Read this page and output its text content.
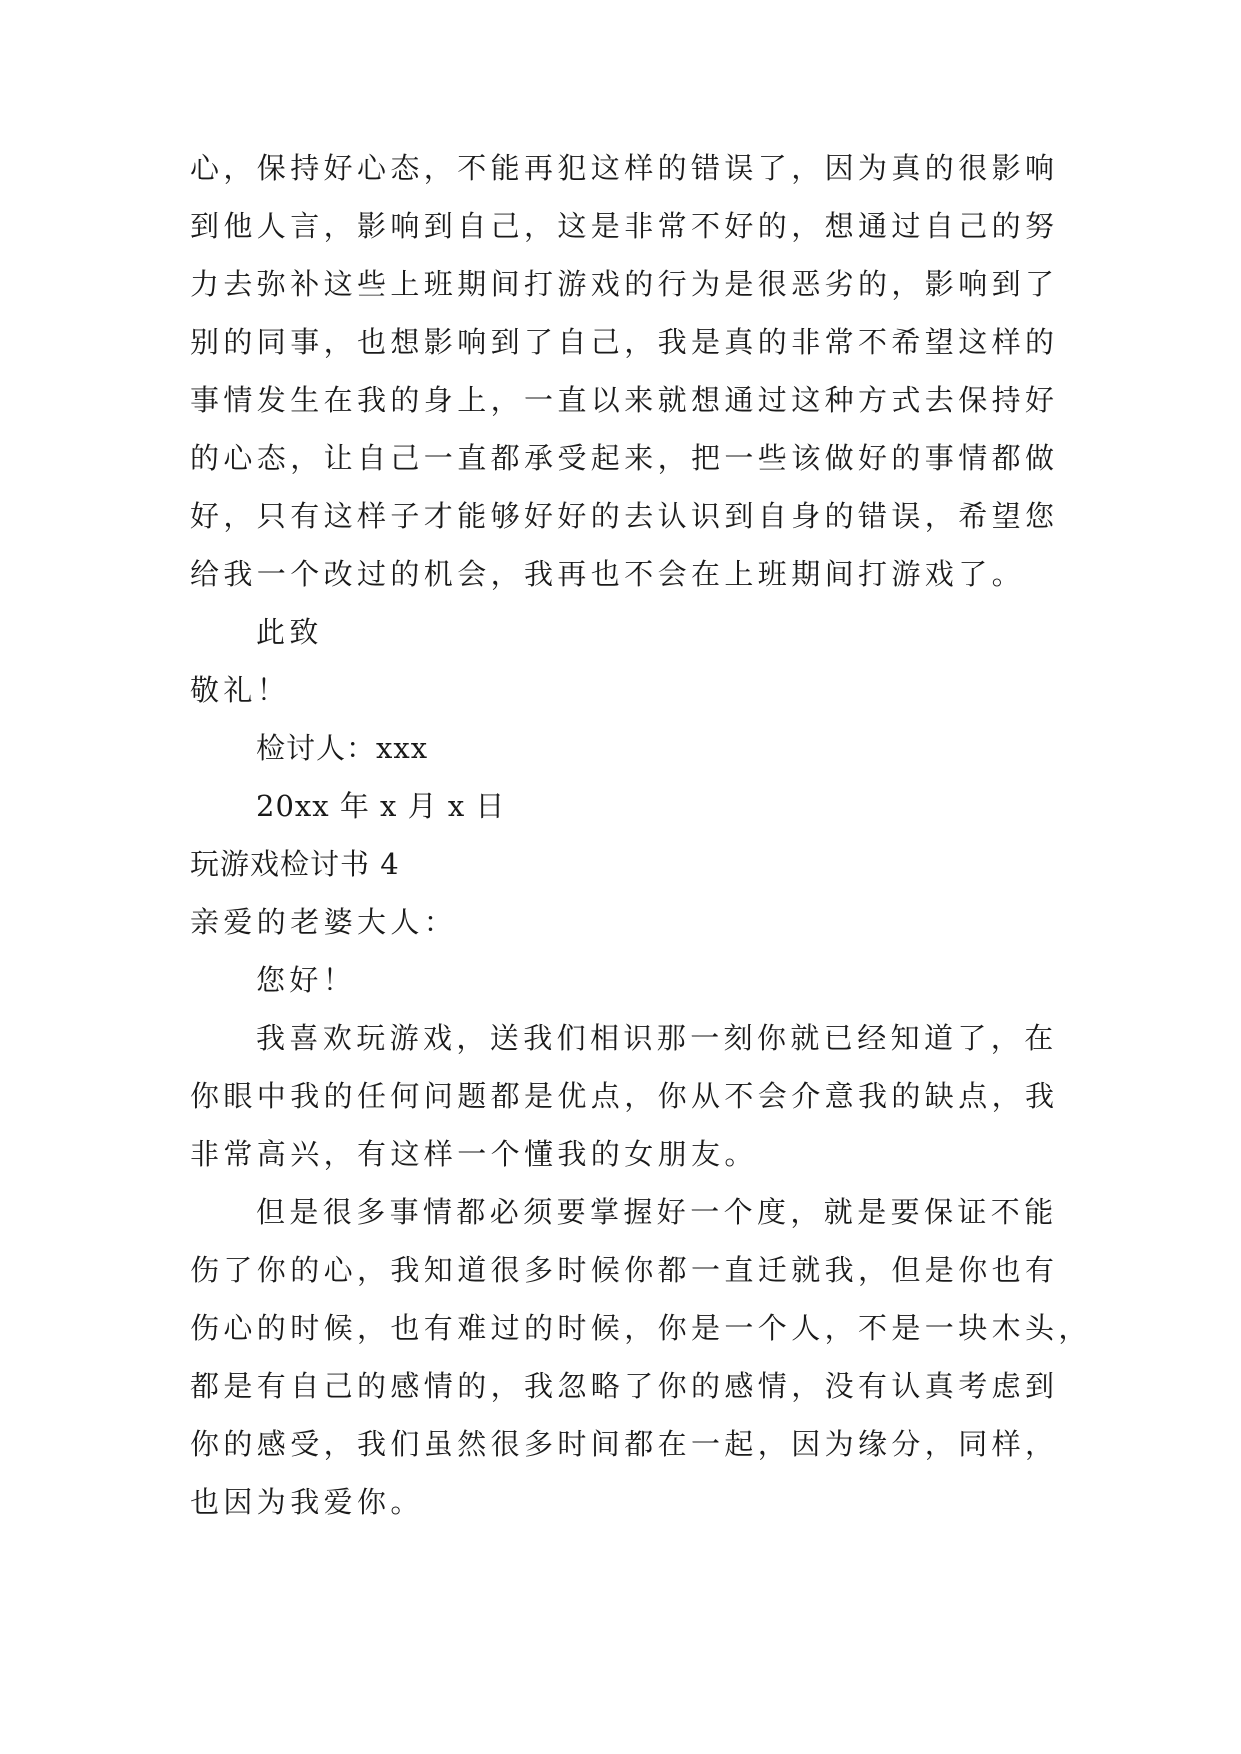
心，保持好心态，不能再犯这样的错误了，因为真的很影响
到他人言，影响到自己，这是非常不好的，想通过自己的努
力去弥补这些上班期间打游戏的行为是很恶劣的，影响到了
别的同事，也想影响到了自己，我是真的非常不希望这样的
事情发生在我的身上，一直以来就想通过这种方式去保持好
的心态，让自己一直都承受起来，把一些该做好的事情都做
好，只有这样子才能够好好的去认识到自身的错误，希望您
给我一个改过的机会，我再也不会在上班期间打游戏了。
此致
敬礼！
检讨人：xxx
20xx 年 x 月 x 日
玩游戏检讨书 4
亲爱的老婆大人：
您好！
我喜欢玩游戏，送我们相识那一刻你就已经知道了，在
你眼中我的任何问题都是优点，你从不会介意我的缺点，我
非常高兴，有这样一个懂我的女朋友。
但是很多事情都必须要掌握好一个度，就是要保证不能
伤了你的心，我知道很多时候你都一直迁就我，但是你也有
伤心的时候，也有难过的时候，你是一个人，不是一块木头，
都是有自己的感情的，我忽略了你的感情，没有认真考虑到
你的感受，我们虽然很多时间都在一起，因为缘分，同样，
也因为我爱你。
